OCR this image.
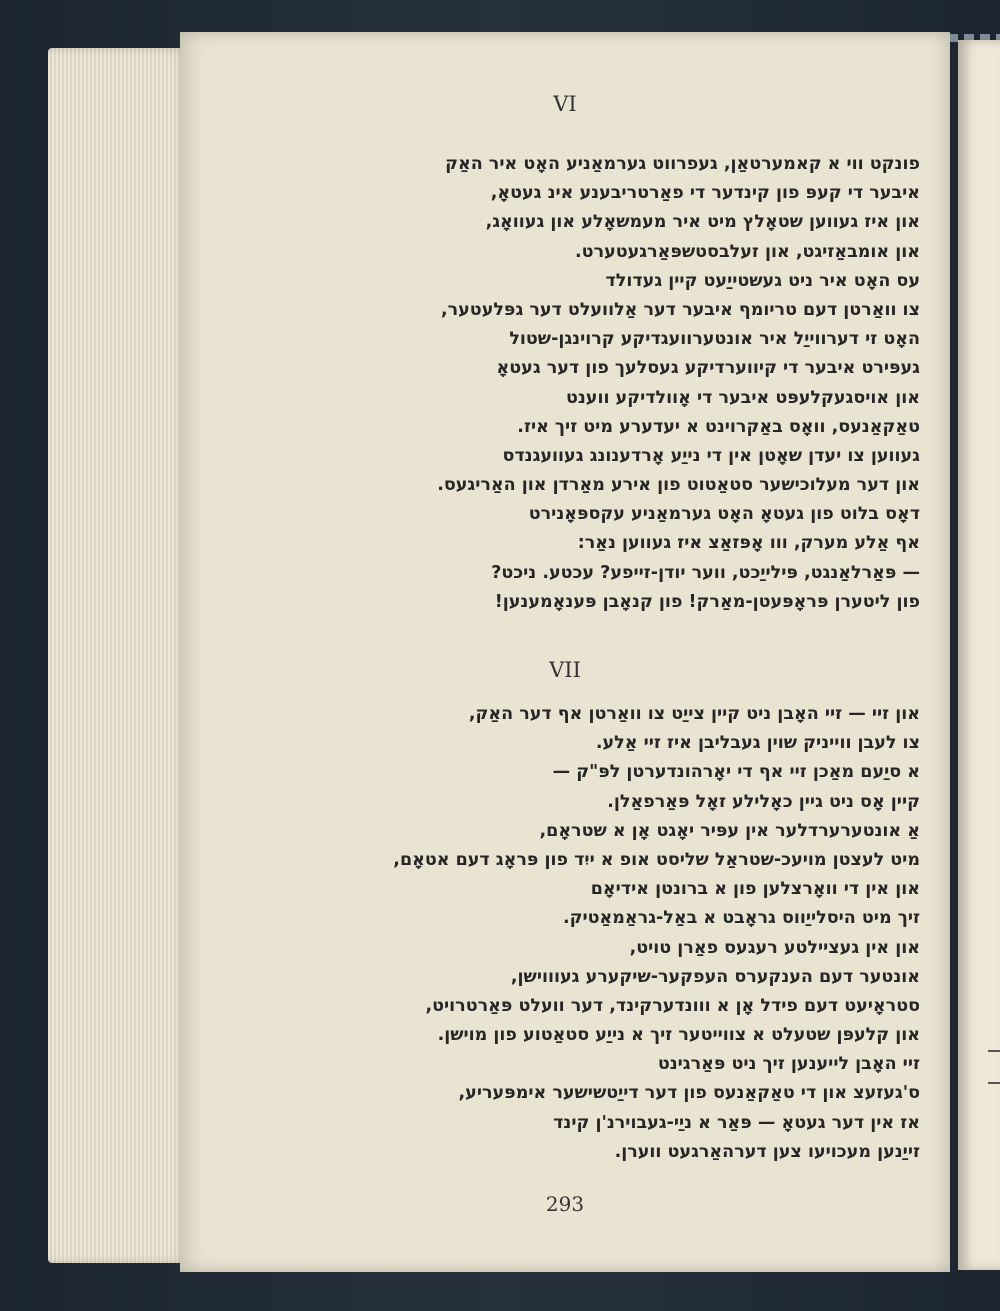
VI
פונקט ווי א קאמערטאַן, געפרווט גערמאַניע האָט איר האַק
איבער די קעפּ פון קינדער די פאַרטריבענע אינ געטאָ,
און איז געווען שטאָלץ מיט איר מעמשאָלע און געוואָג,
און אומבאַזיגט, און זעלבסטשפּאַרגעטערט.
עס האָט איר ניט געשטייַעט קיין געדולד
צו וואַרטן דעם טריומף איבער דער אַלוועלט דער גפּלעטער,
האָט זי דערווייַל איר אונטערוועגדיקע קרוינגן-שטול
געפּירט איבער די קיווערדיקע געסלעך פון דער געטאָ
און אויסגעקלעפּט איבער די אָוולדיקע ווענט
טאַקאַנעס, וואָס באַקרוינט א יעדערע מיט זיך איז.
געווען צו יעדן שאָטן אין די נייַע אָרדענונג געוועגנדס
און דער מעלוכישער סטאַטוט פון אירע מאַרדן און האַריגעס.
דאָס בלוט פון געטאָ האָט גערמאַניע עקספּאָנירט
אף אַלע מערק, ווו אָפּזאַצ איז געווען נאַר:
— פּאַרלאַנגט, פּילייַכט, ווער יודן-זייפע? עכטע. ניכט?
פון ליטערן פּראָפּעטן-מאַרק! פון קנאָבן פּענאָמענען!
VII
און זיי — זיי האָבן ניט קיין צייַט צו וואַרטן אף דער האַק,
צו לעבן ווייניק שוין געבליבן איז זיי אַלע.
א סיַעם מאַכן זיי אף די יאָרהונדערטן לפּ"ק —
קיין אָס ניט גיין כאָלילע זאָל פּאַרפאַלן.
אַ אונטערערדלער אין עפּיר יאָגט אָן א שטראָם,
מיט לעצטן מויעכ-שטראַל שליסט אופ א ייִד פון פּראָג דעם אטאָם,
און אין די וואָרצלען פון א ברונטן אידיאָם
זיך מיט היסלייַווס גראָבט א באַל-גראַמאַטיק.
און אין געציילטע רעגעס פאַרן טויט,
אונטער דעם הענקערס העפקער-שיקערע געוווישן,
סטראָיעט דעם פידל אָן א ווונדערקינד, דער וועלט פּאַרטרויט,
און קלעפּן שטעלט א צווייטער זיך א נייַע סטאַטוע פון מוישן.
זיי האָבן לייענען זיך ניט פּאַרגינט
ס'געזעצ און די טאַקאַנעס פון דער דייַטשישער אימפּעריע,
אז אין דער געטאָ — פּאַר א ניַי-געבוירנ'ן קינד
זייַנען מעכויעו צען דערהאַרגעט ווערן.
293
